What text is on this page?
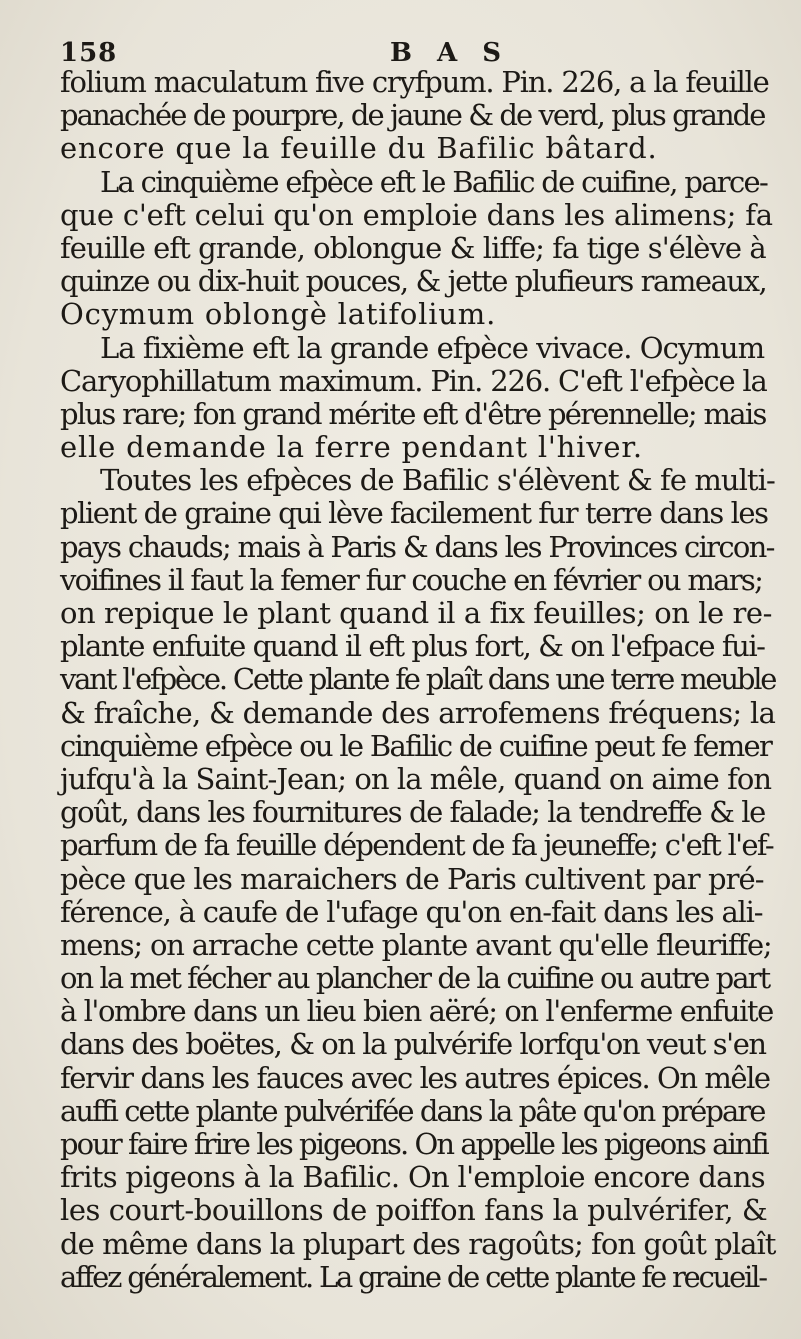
158	B A S
folium maculatum five cryfpum. Pin. 226, a la feuille
panachée de pourpre, de jaune & de verd, plus grande
encore que la feuille du Bafilic bâtard.
La cinquième efpèce eft le Bafilic de cuifine, parce-
que c'eft celui qu'on emploie dans les alimens; fa
feuille eft grande, oblongue & liffe; fa tige s'élève à
quinze ou dix-huit pouces, & jette plufieurs rameaux,
Ocymum oblongè latifolium.
La fixième eft la grande efpèce vivace. Ocymum
Caryophillatum maximum. Pin. 226. C'eft l'efpèce la
plus rare; fon grand mérite eft d'être pérennelle; mais
elle demande la ferre pendant l'hiver.
Toutes les efpèces de Bafilic s'élèvent & fe multi-
plient de graine qui lève facilement fur terre dans les
pays chauds; mais à Paris & dans les Provinces circon-
voifines il faut la femer fur couche en février ou mars;
on repique le plant quand il a fix feuilles; on le re-
plante enfuite quand il eft plus fort, & on l'efpace fui-
vant l'efpèce. Cette plante fe plaît dans une terre meuble
& fraîche, & demande des arrofemens fréquens; la
cinquième efpèce ou le Bafilic de cuifine peut fe femer
jufqu'à la Saint-Jean; on la mêle, quand on aime fon
goût, dans les fournitures de falade; la tendreffe & le
parfum de fa feuille dépendent de fa jeuneffe; c'eft l'ef-
pèce que les maraichers de Paris cultivent par pré-
férence, à caufe de l'ufage qu'on en-fait dans les ali-
mens; on arrache cette plante avant qu'elle fleuriffe;
on la met fécher au plancher de la cuifine ou autre part
à l'ombre dans un lieu bien aëré; on l'enferme enfuite
dans des boëtes, & on la pulvérife lorfqu'on veut s'en
fervir dans les fauces avec les autres épices. On mêle
auffi cette plante pulvérifée dans la pâte qu'on prépare
pour faire frire les pigeons. On appelle les pigeons ainfi
frits pigeons à la Bafilic. On l'emploie encore dans
les court-bouillons de poiffon fans la pulvérifer, &
de même dans la plupart des ragoûts; fon goût plaît
affez généralement. La graine de cette plante fe recueil-
